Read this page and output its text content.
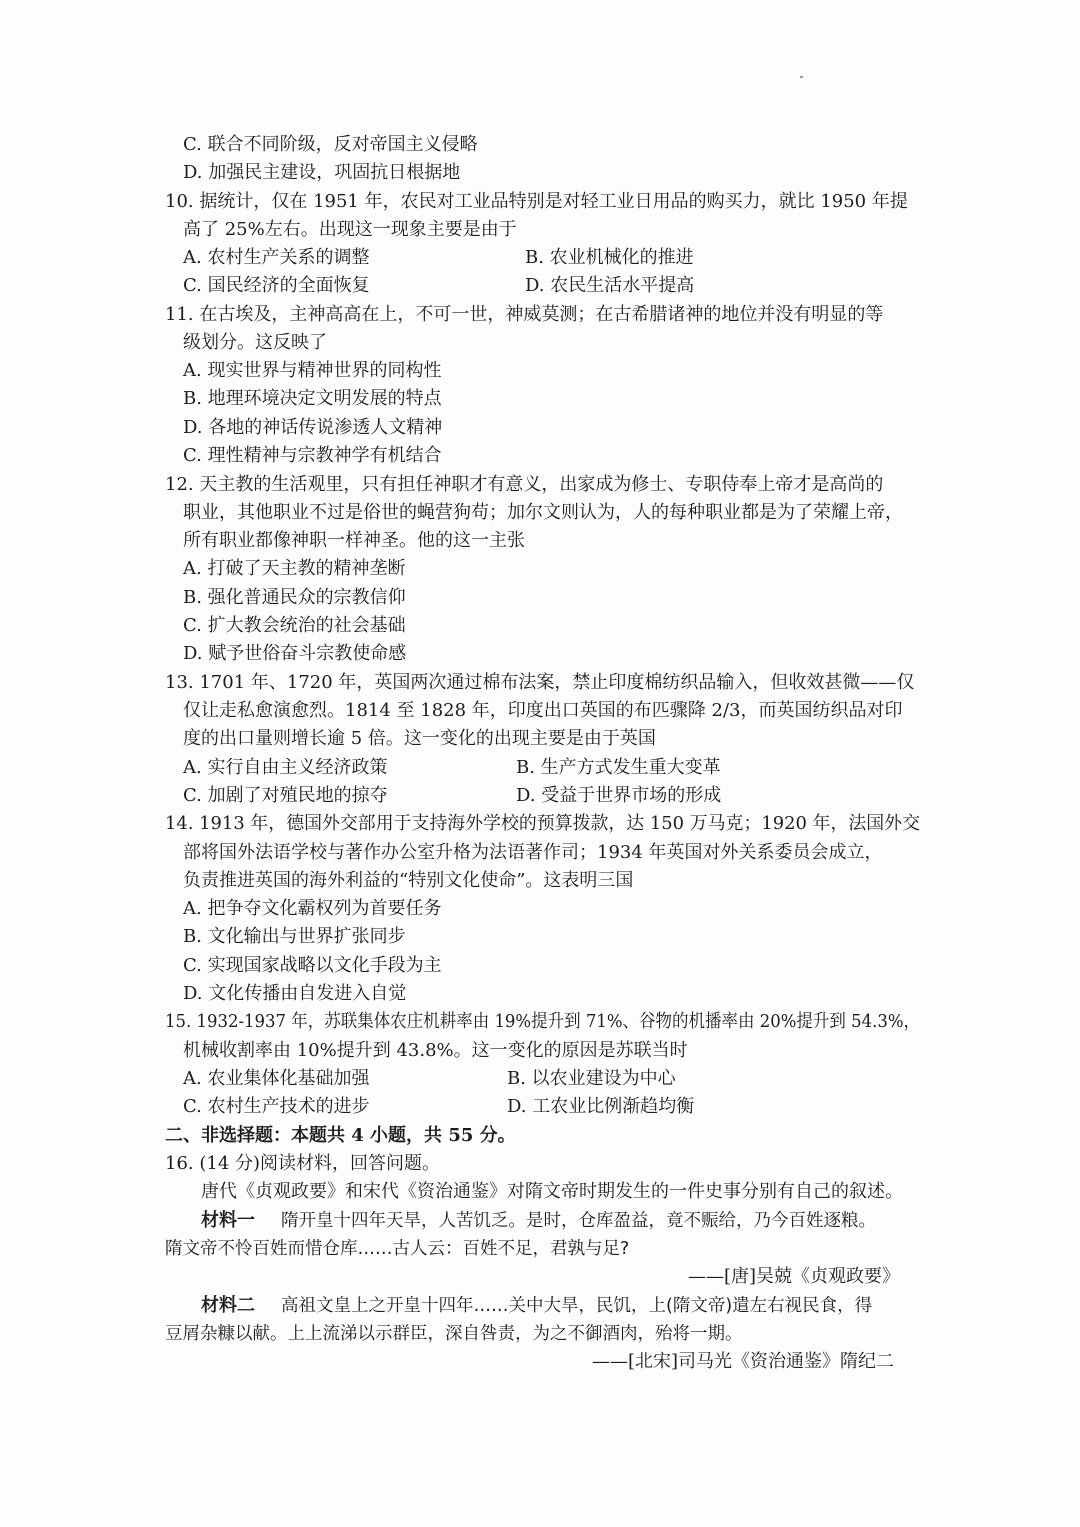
C. 联合不同阶级，反对帝国主义侵略
D. 加强民主建设，巩固抗日根据地
10. 据统计，仅在 1951 年，农民对工业品特别是对轻工业日用品的购买力，就比 1950 年提
高了 25%左右。出现这一现象主要是由于
A. 农村生产关系的调整	B. 农业机械化的推进
C. 国民经济的全面恢复	D. 农民生活水平提高
11. 在古埃及，主神高高在上，不可一世，神威莫测；在古希腊诸神的地位并没有明显的等
级划分。这反映了
A. 现实世界与精神世界的同构性
B. 地理环境决定文明发展的特点
D. 各地的神话传说渗透人文精神
C. 理性精神与宗教神学有机结合
12. 天主教的生活观里，只有担任神职才有意义，出家成为修士、专职侍奉上帝才是高尚的
职业，其他职业不过是俗世的蝇营狗苟；加尔文则认为，人的每种职业都是为了荣耀上帝，
所有职业都像神职一样神圣。他的这一主张
A. 打破了天主教的精神垄断
B. 强化普通民众的宗教信仰
C. 扩大教会统治的社会基础
D. 赋予世俗奋斗宗教使命感
13. 1701 年、1720 年，英国两次通过棉布法案，禁止印度棉纺织品输入，但收效甚微——仅
仅让走私愈演愈烈。1814 至 1828 年，印度出口英国的布匹骤降 2/3，而英国纺织品对印
度的出口量则增长逾 5 倍。这一变化的出现主要是由于英国
A. 实行自由主义经济政策	B. 生产方式发生重大变革
C. 加剧了对殖民地的掠夺	D. 受益于世界市场的形成
14. 1913 年，德国外交部用于支持海外学校的预算拨款，达 150 万马克；1920 年，法国外交
部将国外法语学校与著作办公室升格为法语著作司；1934 年英国对外关系委员会成立，
负责推进英国的海外利益的“特别文化使命”。这表明三国
A. 把争夺文化霸权列为首要任务
B. 文化输出与世界扩张同步
C. 实现国家战略以文化手段为主
D. 文化传播由自发进入自觉
15. 1932-1937 年，苏联集体农庄机耕率由 19%提升到 71%、谷物的机播率由 20%提升到 54.3%，
机械收割率由 10%提升到 43.8%。这一变化的原因是苏联当时
A. 农业集体化基础加强	B. 以农业建设为中心
C. 农村生产技术的进步	D. 工农业比例渐趋均衡
二、非选择题：本题共 4 小题，共 55 分。
16. (14 分)阅读材料，回答问题。
唐代《贞观政要》和宋代《资治通鉴》对隋文帝时期发生的一件史事分别有自己的叙述。
材料一 隋开皇十四年天旱，人苦饥乏。是时，仓库盈益，竟不赈给，乃今百姓逐粮。
隋文帝不怜百姓而惜仓库……古人云：百姓不足，君孰与足?
——[唐]吴兢《贞观政要》
材料二 高祖文皇上之开皇十四年……关中大旱，民饥，上(隋文帝)遣左右视民食，得
豆屑杂糠以献。上上流涕以示群臣，深自咎责，为之不御酒肉，殆将一期。
——[北宋]司马光《资治通鉴》隋纪二
